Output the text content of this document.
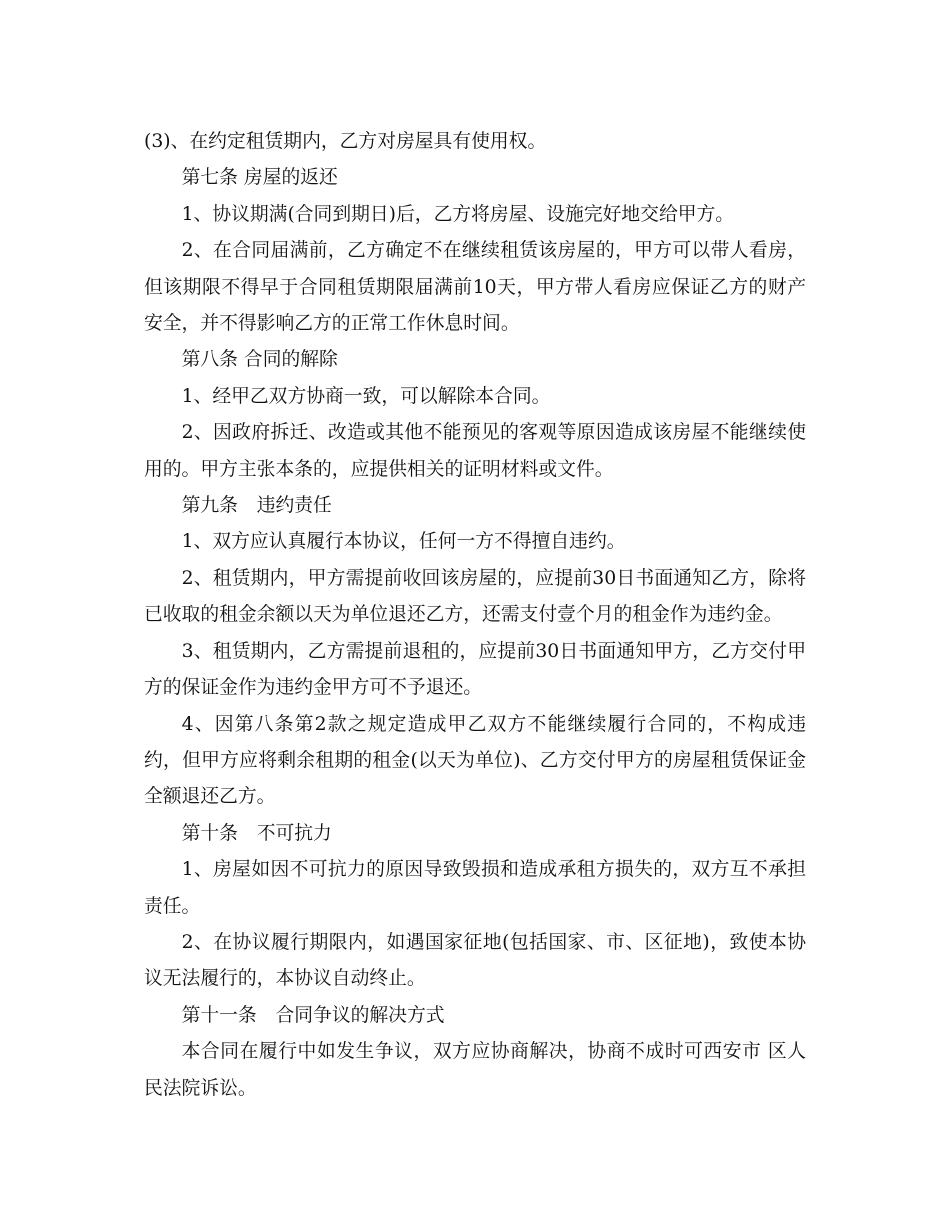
(3)、在约定租赁期内，乙方对房屋具有使用权。

第七条 房屋的返还

1、协议期满(合同到期日)后，乙方将房屋、设施完好地交给甲方。

2、在合同届满前，乙方确定不在继续租赁该房屋的，甲方可以带人看房，但该期限不得早于合同租赁期限届满前10天，甲方带人看房应保证乙方的财产安全，并不得影响乙方的正常工作休息时间。

第八条 合同的解除

1、经甲乙双方协商一致，可以解除本合同。

2、因政府拆迁、改造或其他不能预见的客观等原因造成该房屋不能继续使用的。甲方主张本条的，应提供相关的证明材料或文件。

第九条　违约责任

1、双方应认真履行本协议，任何一方不得擅自违约。

2、租赁期内，甲方需提前收回该房屋的，应提前30日书面通知乙方，除将已收取的租金余额以天为单位退还乙方，还需支付壹个月的租金作为违约金。

3、租赁期内，乙方需提前退租的，应提前30日书面通知甲方，乙方交付甲方的保证金作为违约金甲方可不予退还。

4、因第八条第2款之规定造成甲乙双方不能继续履行合同的，不构成违约，但甲方应将剩余租期的租金(以天为单位)、乙方交付甲方的房屋租赁保证金全额退还乙方。

第十条　不可抗力

1、房屋如因不可抗力的原因导致毁损和造成承租方损失的，双方互不承担责任。

2、在协议履行期限内，如遇国家征地(包括国家、市、区征地)，致使本协议无法履行的，本协议自动终止。

第十一条　合同争议的解决方式

本合同在履行中如发生争议，双方应协商解决，协商不成时可西安市 区人民法院诉讼。
